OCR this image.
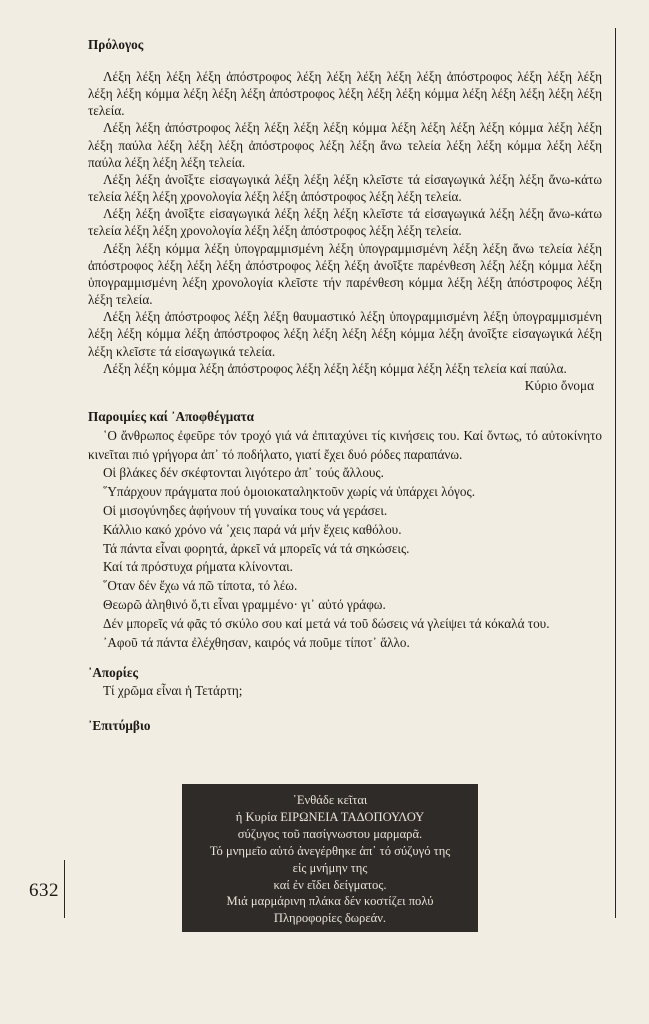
632
Πρόλογος

Λέξη λέξη λέξη λέξη ἀπόστροφος λέξη λέξη λέξη λέξη λέξη ἀπόστροφος λέξη λέξη λέξη λέξη λέξη κόμμα λέξη λέξη λέξη ἀπόστροφος λέξη λέξη λέξη κόμμα λέξη λέξη λέξη λέξη λέξη τελεία.

Λέξη λέξη ἀπόστροφος λέξη λέξη λέξη λέξη κόμμα λέξη λέξη λέξη λέξη κόμμα λέξη λέξη λέξη παύλα λέξη λέξη λέξη ἀπόστροφος λέξη λέξη ἄνω τελεία λέξη λέξη κόμμα λέξη λέξη παύλα λέξη λέξη λέξη τελεία.

Λέξη λέξη ἀνοῖξτε εἰσαγωγικά λέξη λέξη λέξη κλεῖστε τά εἰσαγωγικά λέξη λέξη ἄνω-κάτω τελεία λέξη λέξη χρονολογία λέξη λέξη ἀπόστροφος λέξη λέξη τελεία.

Λέξη λέξη ἀνοῖξτε εἰσαγωγικά λέξη λέξη λέξη κλεῖστε τά εἰσαγωγικά λέξη λέξη ἄνω-κάτω τελεία λέξη λέξη χρονολογία λέξη λέξη ἀπόστροφος λέξη λέξη τελεία.

Λέξη λέξη κόμμα λέξη ὑπογραμμισμένη λέξη ὑπογραμμισμένη λέξη λέξη ἄνω τελεία λέξη ἀπόστροφος λέξη λέξη λέξη ἀπόστροφος λέξη λέξη ἀνοῖξτε παρένθεση λέξη λέξη κόμμα λέξη ὑπογραμμισμένη λέξη χρονολογία κλεῖστε τήν παρένθεση κόμμα λέξη λέξη ἀπόστροφος λέξη λέξη τελεία.

Λέξη λέξη ἀπόστροφος λέξη λέξη θαυμαστικό λέξη ὑπογραμμισμένη λέξη ὑπογραμμισμένη λέξη λέξη κόμμα λέξη ἀπόστροφος λέξη λέξη λέξη λέξη κόμμα λέξη ἀνοῖξτε εἰσαγωγικά λέξη λέξη κλεῖστε τά εἰσαγωγικά τελεία.

Λέξη λέξη κόμμα λέξη ἀπόστροφος λέξη λέξη λέξη κόμμα λέξη λέξη τελεία καί παύλα.

Κύριο ὄνομα

Παροιμίες καί ᾿Αποφθέγματα

῾Ο ἄνθρωπος ἐφεῦρε τόν τροχό γιά νά ἐπιταχύνει τίς κινήσεις του. Καί ὄντως, τό αὐτοκίνητο κινεῖται πιό γρήγορα ἀπ᾿ τό ποδήλατο, γιατί ἔχει δυό ρόδες παραπάνω.

Οἱ βλάκες δέν σκέφτονται λιγότερο ἀπ᾿ τούς ἄλλους.

῞Υπάρχουν πράγματα πού ὁμοιοκαταληκτοῦν χωρίς νά ὑπάρχει λόγος.

Οἱ μισογύνηδες ἀφήνουν τή γυναίκα τους νά γεράσει.

Κάλλιο κακό χρόνο νά ᾿χεις παρά νά μήν ἔχεις καθόλου.

Τά πάντα εἶναι φορητά, ἀρκεῖ νά μπορεῖς νά τά σηκώσεις.

Καί τά πρόστυχα ρήματα κλίνονται.

῞Οταν δέν ἔχω νά πῶ τίποτα, τό λέω.

Θεωρῶ ἀληθινό ὅ,τι εἶναι γραμμένο· γι᾿ αὐτό γράφω.

Δέν μπορεῖς νά φᾶς τό σκύλο σου καί μετά νά τοῦ δώσεις νά γλείψει τά κόκαλά του.

᾿Αφοῦ τά πάντα ἐλέχθησαν, καιρός νά ποῦμε τίποτ᾿ ἄλλο.

᾿Απορίες

Τί χρῶμα εἶναι ἡ Τετάρτη;

᾿Επιτύμβιο
᾿Ενθάδε κεῖται
ἡ Κυρία ΕΙΡΩΝΕΙΑ ΤΑΔΟΠΟΥΛΟΥ
σύζυγος τοῦ πασίγνωστου μαρμαρᾶ.
Τό μνημεῖο αὐτό ἀνεγέρθηκε ἀπ᾿ τό σύζυγό της
εἰς μνήμην της
καί ἐν εἴδει δείγματος.
Μιά μαρμάρινη πλάκα δέν κοστίζει πολύ
Πληροφορίες δωρεάν.
